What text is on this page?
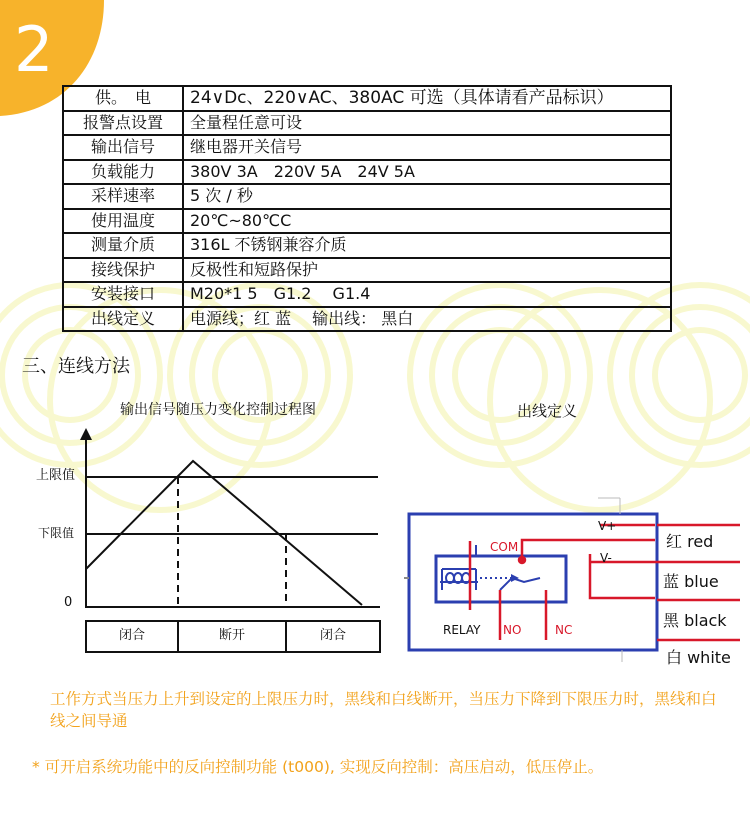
2
供。　电	24∨Dc、220∨AC、380AC 可选（具体请看产品标识）
报警点设置	全量程任意可设
输出信号	继电器开关信号
负载能力	380V 3A　220V 5A　24V 5A
采样速率	5 次 / 秒
使用温度	20℃~80℃C
测量介质	316L 不锈钢兼容介质
接线保护	反极性和短路保护
安装接口	M20*1 5　G1.2　 G1.4
出线定义	电源线；红 蓝　 输出线： 黑白
三、连线方法
输出信号随压力变化控制过程图	出线定义
上限值
下限值
0
V+
V-
COM
RELAY NO	NC
闭合	断开	闭合
红 red
蓝 blue
黑 black
白 white
工作方式当压力上升到设定的上限压力时，黑线和白线断开，当压力下降到下限压力时，黑线和白线之间导通
* 可开启系统功能中的反向控制功能 (t000), 实现反向控制：高压启动，低压停止。
